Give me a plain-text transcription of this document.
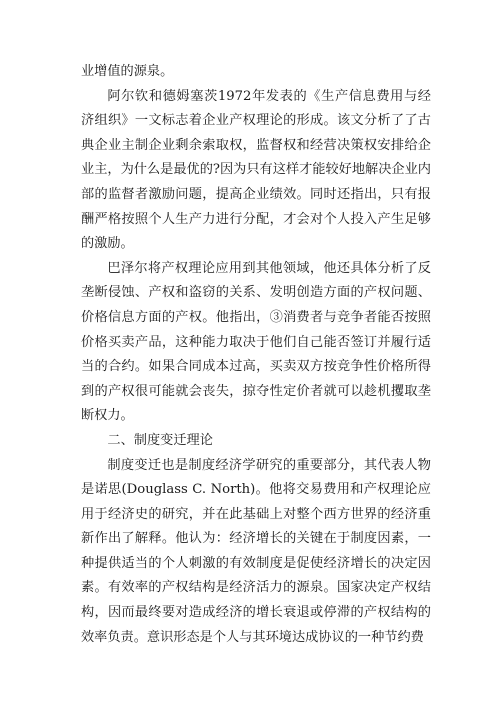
业增值的源泉。

阿尔钦和德姆塞茨1972年发表的《生产信息费用与经济组织》一文标志着企业产权理论的形成。该文分析了了古典企业主制企业剩余索取权，监督权和经营决策权安排给企业主，为什么是最优的?因为只有这样才能较好地解决企业内部的监督者激励问题，提高企业绩效。同时还指出，只有报酬严格按照个人生产力进行分配，才会对个人投入产生足够的激励。

巴泽尔将产权理论应用到其他领域，他还具体分析了反垄断侵蚀、产权和盗窃的关系、发明创造方面的产权问题、价格信息方面的产权。他指出，③消费者与竞争者能否按照价格买卖产品，这种能力取决于他们自己能否签订并履行适当的合约。如果合同成本过高，买卖双方按竞争性价格所得到的产权很可能就会丧失，掠夺性定价者就可以趁机攫取垄断权力。

二、制度变迁理论

制度变迁也是制度经济学研究的重要部分，其代表人物是诺思(Douglass C. North)。他将交易费用和产权理论应用于经济史的研究，并在此基础上对整个西方世界的经济重新作出了解释。他认为：经济增长的关键在于制度因素，一种提供适当的个人刺激的有效制度是促使经济增长的决定因素。有效率的产权结构是经济活力的源泉。国家决定产权结构，因而最终要对造成经济的增长衰退或停滞的产权结构的效率负责。意识形态是个人与其环境达成协议的一种节约费
